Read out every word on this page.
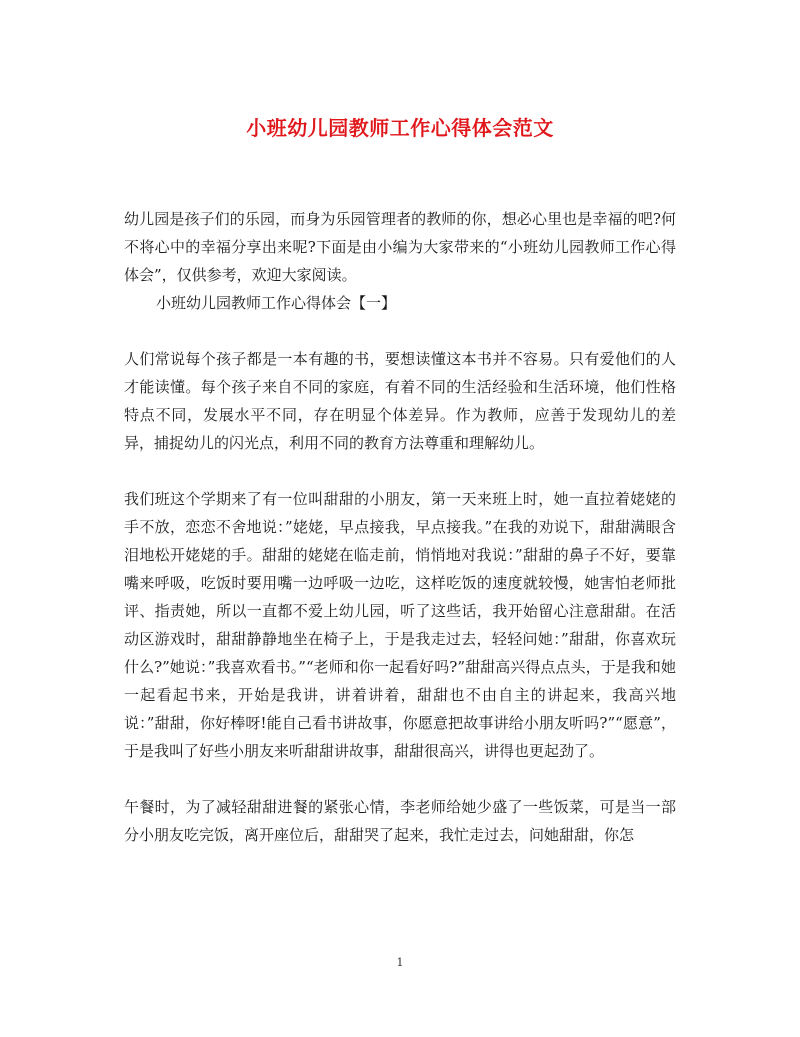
小班幼儿园教师工作心得体会范文

幼儿园是孩子们的乐园，而身为乐园管理者的教师的你，想必心里也是幸福的吧?何不将心中的幸福分享出来呢?下面是由小编为大家带来的“小班幼儿园教师工作心得体会”，仅供参考，欢迎大家阅读。

小班幼儿园教师工作心得体会【一】

人们常说每个孩子都是一本有趣的书，要想读懂这本书并不容易。只有爱他们的人才能读懂。每个孩子来自不同的家庭，有着不同的生活经验和生活环境，他们性格特点不同，发展水平不同，存在明显个体差异。作为教师，应善于发现幼儿的差异，捕捉幼儿的闪光点，利用不同的教育方法尊重和理解幼儿。

我们班这个学期来了有一位叫甜甜的小朋友，第一天来班上时，她一直拉着姥姥的手不放，恋恋不舍地说：”姥姥，早点接我，早点接我。”在我的劝说下，甜甜满眼含泪地松开姥姥的手。甜甜的姥姥在临走前，悄悄地对我说：”甜甜的鼻子不好，要靠嘴来呼吸，吃饭时要用嘴一边呼吸一边吃，这样吃饭的速度就较慢，她害怕老师批评、指责她，所以一直都不爱上幼儿园，听了这些话，我开始留心注意甜甜。在活动区游戏时，甜甜静静地坐在椅子上，于是我走过去，轻轻问她：”甜甜，你喜欢玩什么?”她说：”我喜欢看书。”“老师和你一起看好吗?”甜甜高兴得点点头，于是我和她一起看起书来，开始是我讲，讲着讲着，甜甜也不由自主的讲起来，我高兴地说：”甜甜，你好棒呀!能自己看书讲故事，你愿意把故事讲给小朋友听吗?”“愿意”，于是我叫了好些小朋友来听甜甜讲故事，甜甜很高兴，讲得也更起劲了。

午餐时，为了减轻甜甜进餐的紧张心情，李老师给她少盛了一些饭菜，可是当一部分小朋友吃完饭，离开座位后，甜甜哭了起来，我忙走过去，问她甜甜，你怎

1
